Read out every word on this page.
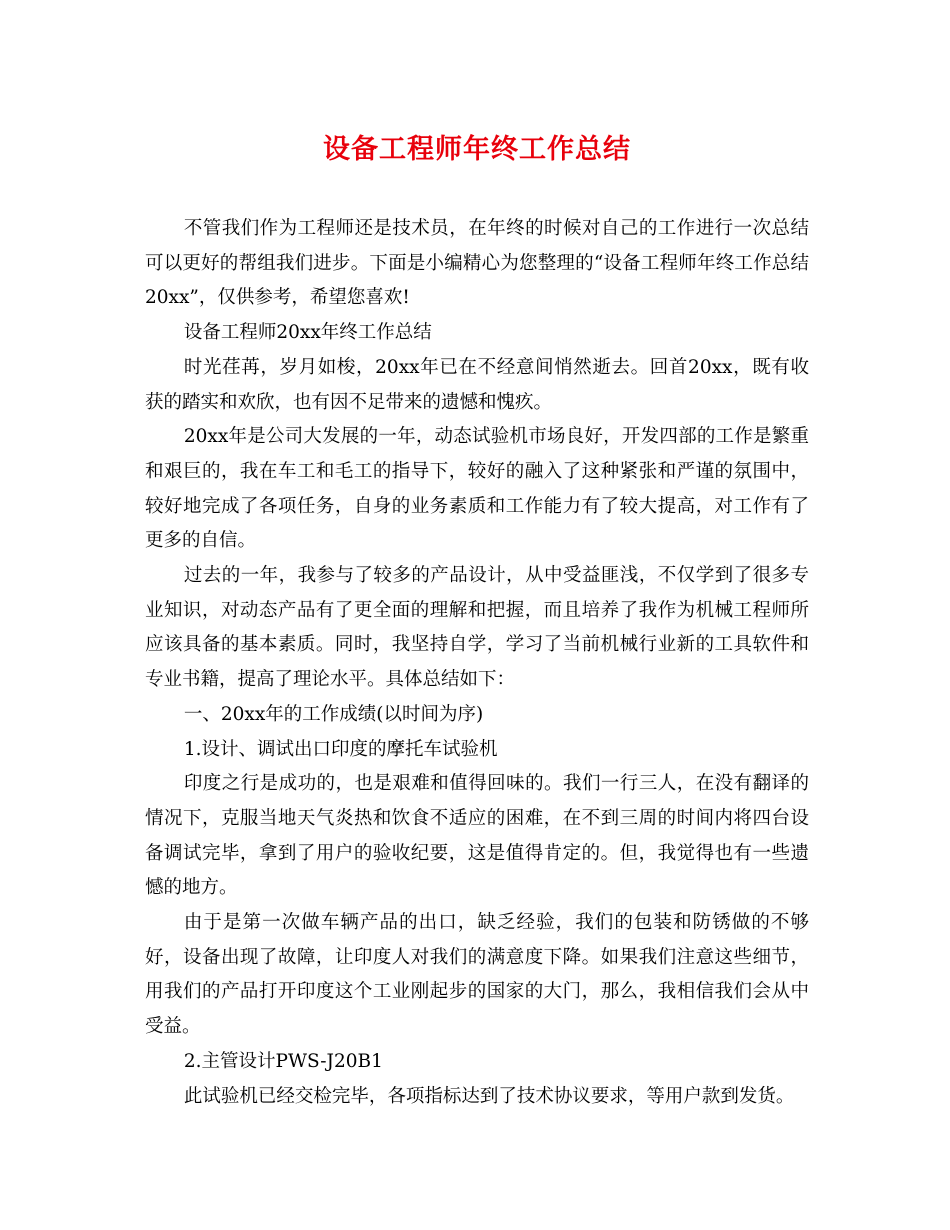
设备工程师年终工作总结

不管我们作为工程师还是技术员，在年终的时候对自己的工作进行一次总结可以更好的帮组我们进步。下面是小编精心为您整理的“设备工程师年终工作总结20xx”，仅供参考，希望您喜欢!

设备工程师20xx年终工作总结

时光荏苒，岁月如梭，20xx年已在不经意间悄然逝去。回首20xx，既有收获的踏实和欢欣，也有因不足带来的遗憾和愧疚。

20xx年是公司大发展的一年，动态试验机市场良好，开发四部的工作是繁重和艰巨的，我在车工和毛工的指导下，较好的融入了这种紧张和严谨的氛围中，较好地完成了各项任务，自身的业务素质和工作能力有了较大提高，对工作有了更多的自信。

过去的一年，我参与了较多的产品设计，从中受益匪浅，不仅学到了很多专业知识，对动态产品有了更全面的理解和把握，而且培养了我作为机械工程师所应该具备的基本素质。同时，我坚持自学，学习了当前机械行业新的工具软件和专业书籍，提高了理论水平。具体总结如下：

一、20xx年的工作成绩(以时间为序)

1.设计、调试出口印度的摩托车试验机

印度之行是成功的，也是艰难和值得回味的。我们一行三人，在没有翻译的情况下，克服当地天气炎热和饮食不适应的困难，在不到三周的时间内将四台设备调试完毕，拿到了用户的验收纪要，这是值得肯定的。但，我觉得也有一些遗憾的地方。

由于是第一次做车辆产品的出口，缺乏经验，我们的包装和防锈做的不够好，设备出现了故障，让印度人对我们的满意度下降。如果我们注意这些细节，用我们的产品打开印度这个工业刚起步的国家的大门，那么，我相信我们会从中受益。

2.主管设计PWS-J20B1

此试验机已经交检完毕，各项指标达到了技术协议要求，等用户款到发货。
